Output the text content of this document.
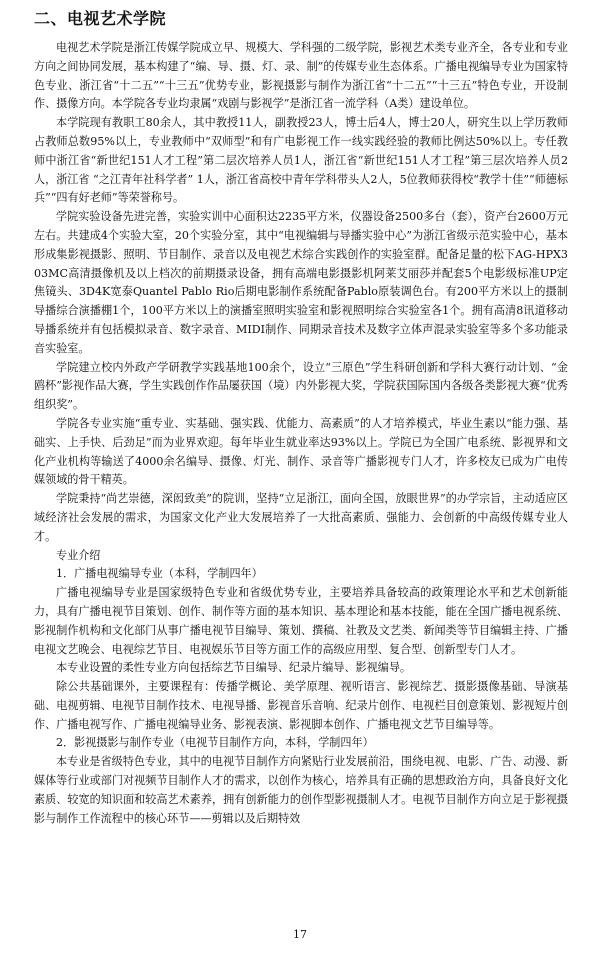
二、电视艺术学院

电视艺术学院是浙江传媒学院成立早、规模大、学科强的二级学院，影视艺术类专业齐全，各专业和专业方向之间协同发展，基本构建了“编、导、摄、灯、录、制”的传媒专业生态体系。广播电视编导专业为国家特色专业、浙江省“十二五”“十三五”优势专业，影视摄影与制作为浙江省“十二五”“十三五”特色专业，开设制作、摄像方向。本学院各专业均隶属“戏剧与影视学”是浙江省一流学科（A类）建设单位。

本学院现有教职工80余人，其中教授11人，副教授23人，博士后4人，博士20人，研究生以上学历教师占教师总数95%以上，专业教师中“双师型”和有广电影视工作一线实践经验的教师比例达50%以上。专任教师中浙江省“新世纪151人才工程”第二层次培养人员1人，浙江省“新世纪151人才工程”第三层次培养人员2人，浙江省 “之江青年社科学者” 1人，浙江省高校中青年学科带头人2人，5位教师获得校“教学十佳”“师德标兵”“四有好老师”等荣誉称号。

学院实验设备先进完善，实验实训中心面积达2235平方米，仪器设备2500多台（套），资产台2600万元左右。共建成4个实验大室，20个实验分室，其中“电视编辑与导播实验中心”为浙江省级示范实验中心，基本形成集影视摄影、照明、节目制作、录音以及电视艺术综合实践创作的实验室群。配备足量的松下AG-HPX303MC高清摄像机及以上档次的前期摄录设备，拥有高端电影摄影机阿莱艾丽莎并配套5个电影级标准UP定焦镜头、3D4K宽泰Quantel Pablo Rio后期电影制作系统配备Pablo原装调色台。有200平方米以上的摄制导播综合演播棚1个，100平方米以上的演播室照明实验室和影视照明综合实验室各1个。拥有高清8讯道移动导播系统并有包括模拟录音、数字录音、MIDI制作、同期录音技术及数字立体声混录实验室等多个多功能录音实验室。

学院建立校内外政产学研教学实践基地100余个，设立“三原色”学生科研创新和学科大赛行动计划、“金鸥杯”影视作品大赛，学生实践创作作品屡获国（境）内外影视大奖，学院获国际国内各级各类影视大赛“优秀组织奖”。

学院各专业实施“重专业、实基础、强实践、优能力、高素质”的人才培养模式，毕业生素以“能力强、基础实、上手快、后劲足”而为业界欢迎。每年毕业生就业率达93%以上。学院已为全国广电系统、影视界和文化产业机构等输送了4000余名编导、摄像、灯光、制作、录音等广播影视专门人才，许多校友已成为广电传媒领域的骨干精英。

学院秉持“尚艺崇德，深闳致美”的院训，坚持“立足浙江，面向全国，放眼世界”的办学宗旨，主动适应区域经济社会发展的需求，为国家文化产业大发展培养了一大批高素质、强能力、会创新的中高级传媒专业人才。

专业介绍

1．广播电视编导专业（本科，学制四年）

广播电视编导专业是国家级特色专业和省级优势专业，主要培养具备较高的政策理论水平和艺术创新能力，具有广播电视节目策划、创作、制作等方面的基本知识、基本理论和基本技能，能在全国广播电视系统、影视制作机构和文化部门从事广播电视节目编导、策划、撰稿、社教及文艺类、新闻类等节目编辑主持、广播电视文艺晚会、电视综艺节目、电视娱乐节目等方面工作的高级应用型、复合型、创新型专门人才。

本专业设置的柔性专业方向包括综艺节目编导、纪录片编导、影视编导。

除公共基础课外，主要课程有：传播学概论、美学原理、视听语言、影视综艺、摄影摄像基础、导演基础、电视剪辑、电视节目制作技术、电视导播、影视音乐音响、纪录片创作、电视栏目创意策划、影视短片创作、广播电视写作、广播电视编导业务、影视表演、影视脚本创作、广播电视文艺节目编导等。

2．影视摄影与制作专业（电视节目制作方向，本科，学制四年）

本专业是省级特色专业，其中的电视节目制作方向紧贴行业发展前沿，围绕电视、电影、广告、动漫、新媒体等行业或部门对视频节目制作人才的需求，以创作为核心，培养具有正确的思想政治方向，具备良好文化素质、较宽的知识面和较高艺术素养，拥有创新能力的创作型影视摄制人才。电视节目制作方向立足于影视摄影与制作工作流程中的核心环节——剪辑以及后期特效

17
